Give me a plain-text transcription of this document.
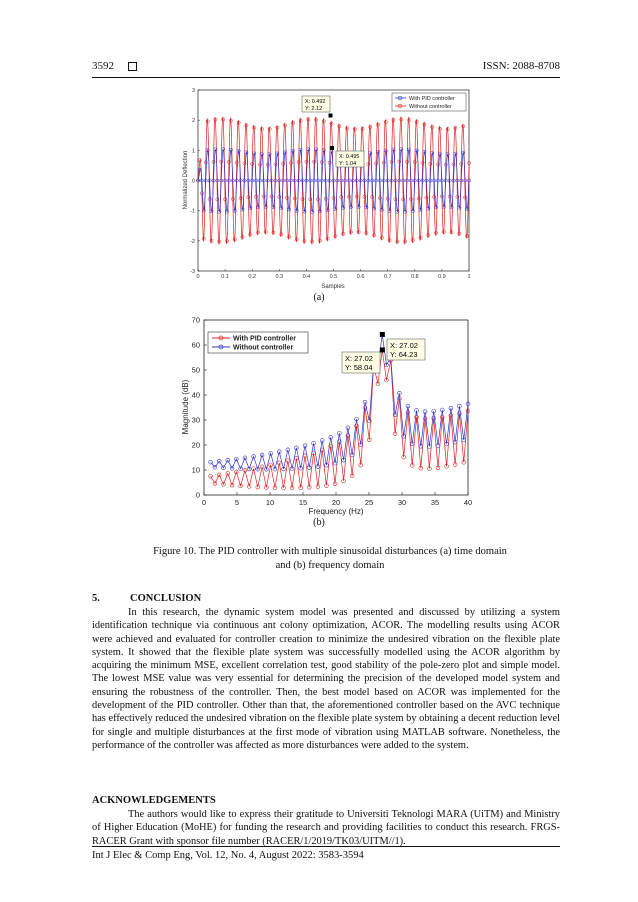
3592	ISSN: 2088-8708
0	0.1	0.2	0.3	0.4	0.5	0.6	0.7	0.8	0.9	1
3
2
1
0
-1
-2
-3
With PID controller
Without controller
X: 0.492
Y: 2.12
X: 0.495
Y: 1.04
Samples
Normalized Deflection
(a)
0	5	10	15	20	25	30	35	40
70
60
50
40
30
20
10
0
With PID controller
Without controller	X: 27.02
Y: 64.23
X: 27.02
Y: 58.04
Frequency (Hz)
Magnitude (dB)
(b)
Figure 10. The PID controller with multiple sinusoidal disturbances (a) time domain
and (b) frequency domain
5.	CONCLUSION
In this research, the dynamic system model was presented and discussed by utilizing a system identification technique via continuous ant colony optimization, ACOR. The modelling results using ACOR were achieved and evaluated for controller creation to minimize the undesired vibration on the flexible plate system. It showed that the flexible plate system was successfully modelled using the ACOR algorithm by acquiring the minimum MSE, excellent correlation test, good stability of the pole-zero plot and simple model. The lowest MSE value was very essential for determining the precision of the developed model system and ensuring the robustness of the controller. Then, the best model based on ACOR was implemented for the development of the PID controller. Other than that, the aforementioned controller based on the AVC technique has effectively reduced the undesired vibration on the flexible plate system by obtaining a decent reduction level for single and multiple disturbances at the first mode of vibration using MATLAB software. Nonetheless, the performance of the controller was affected as more disturbances were added to the system.
ACKNOWLEDGEMENTS
The authors would like to express their gratitude to Universiti Teknologi MARA (UiTM) and Ministry of Higher Education (MoHE) for funding the research and providing facilities to conduct this research. FRGS-RACER Grant with sponsor file number (RACER/1/2019/TK03/UITM//1).
Int J Elec & Comp Eng, Vol. 12, No. 4, August 2022: 3583-3594
